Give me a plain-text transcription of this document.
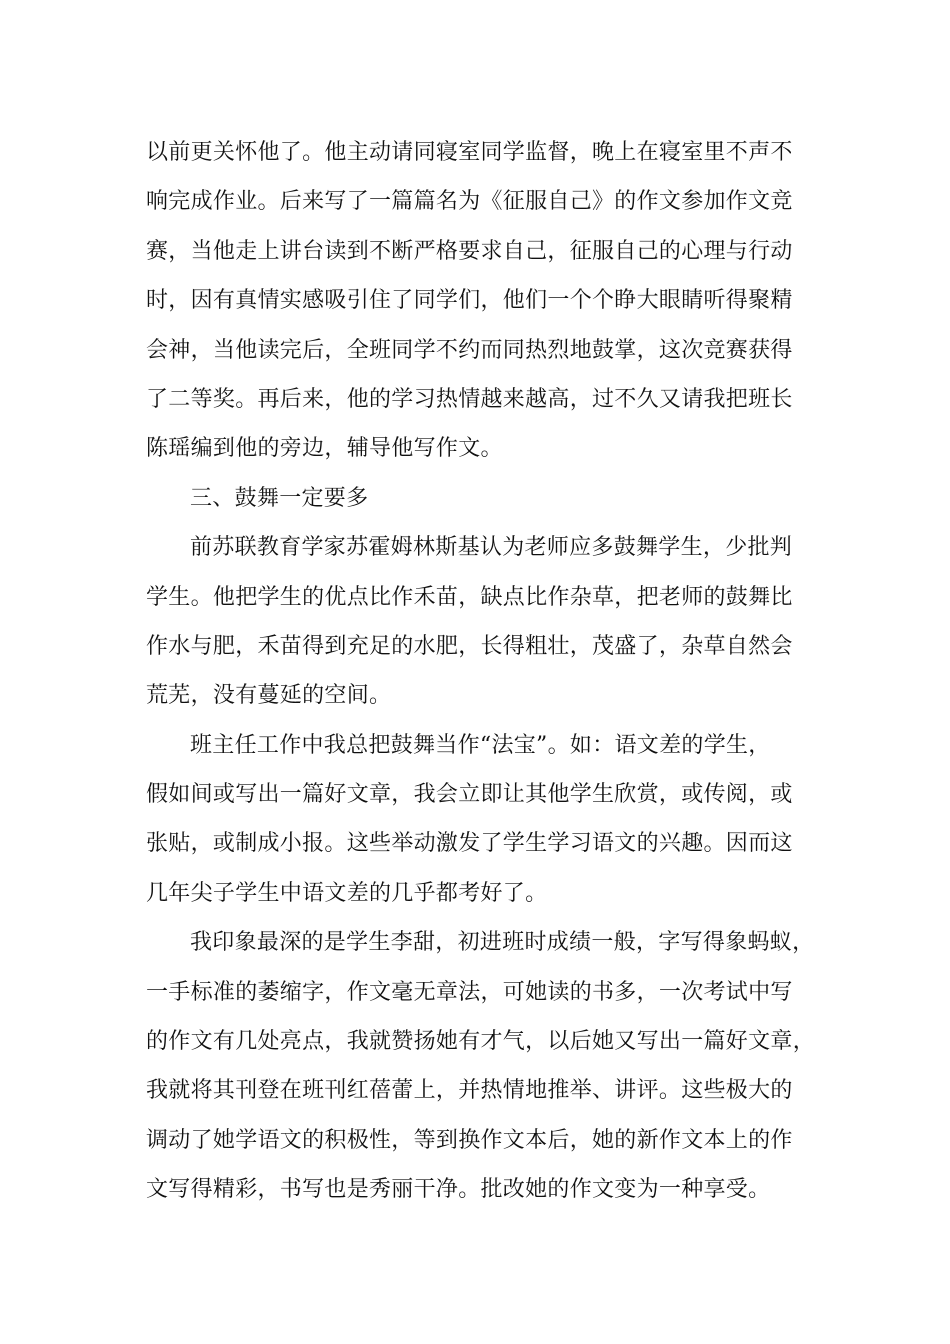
以前更关怀他了。他主动请同寝室同学监督，晚上在寝室里不声不
响完成作业。后来写了一篇篇名为《征服自己》的作文参加作文竞
赛，当他走上讲台读到不断严格要求自己，征服自己的心理与行动
时，因有真情实感吸引住了同学们，他们一个个睁大眼睛听得聚精
会神，当他读完后，全班同学不约而同热烈地鼓掌，这次竞赛获得
了二等奖。再后来，他的学习热情越来越高，过不久又请我把班长
陈瑶编到他的旁边，辅导他写作文。
三、鼓舞一定要多
前苏联教育学家苏霍姆林斯基认为老师应多鼓舞学生，少批判
学生。他把学生的优点比作禾苗，缺点比作杂草，把老师的鼓舞比
作水与肥，禾苗得到充足的水肥，长得粗壮，茂盛了，杂草自然会
荒芜，没有蔓延的空间。
班主任工作中我总把鼓舞当作“法宝”。如：语文差的学生，
假如间或写出一篇好文章，我会立即让其他学生欣赏，或传阅，或
张贴，或制成小报。这些举动激发了学生学习语文的兴趣。因而这
几年尖子学生中语文差的几乎都考好了。
我印象最深的是学生李甜，初进班时成绩一般，字写得象蚂蚁，
一手标准的萎缩字，作文毫无章法，可她读的书多，一次考试中写
的作文有几处亮点，我就赞扬她有才气，以后她又写出一篇好文章，
我就将其刊登在班刊红蓓蕾上，并热情地推举、讲评。这些极大的
调动了她学语文的积极性，等到换作文本后，她的新作文本上的作
文写得精彩，书写也是秀丽干净。批改她的作文变为一种享受。
